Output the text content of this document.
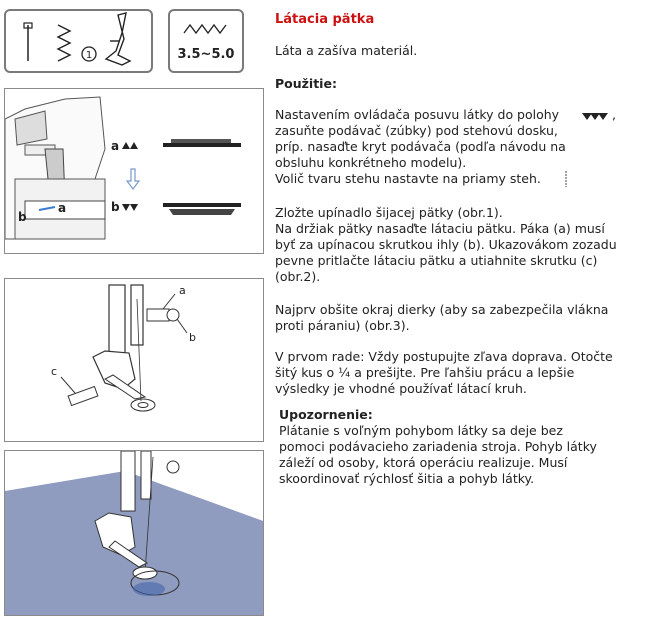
1	3.5~5.0
b
a
a
b
a
b
c
Látacia pätka
Láta a zašíva materiál.
Použitie:
Nastavením ovládača posuvu látky do polohy	,
zasuňte podávač (zúbky) pod stehovú dosku,
príp. nasaďte kryt podávača (podľa návodu na
obsluhu konkrétneho modelu).
Volič tvaru stehu nastavte na priamy steh.
Zložte upínadlo šijacej pätky (obr.1).
Na držiak pätky nasaďte látaciu pätku. Páka (a) musí
byť za upínacou skrutkou ihly (b). Ukazovákom zozadu
pevne pritlačte látaciu pätku a utiahnite skrutku (c)
(obr.2).
Najprv obšite okraj dierky (aby sa zabezpečila vlákna
proti páraniu) (obr.3).
V prvom rade: Vždy postupujte zľava doprava. Otočte
šitý kus o ¼ a prešijte. Pre ľahšiu prácu a lepšie
výsledky je vhodné používať látací kruh.
Upozornenie:
Plátanie s voľným pohybom látky sa deje bez
pomoci podávacieho zariadenia stroja. Pohyb látky
záleží od osoby, ktorá operáciu realizuje. Musí
skoordinovať rýchlosť šitia a pohyb látky.
